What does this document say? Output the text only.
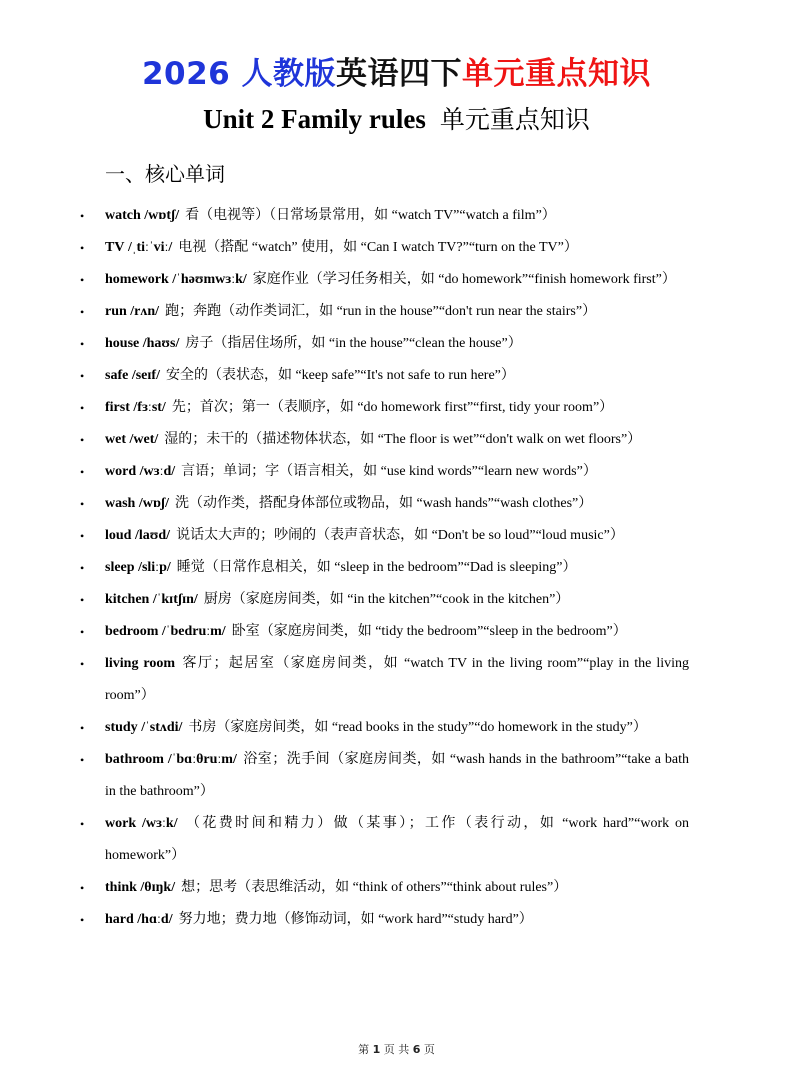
2026 人教版英语四下单元重点知识
Unit 2 Family rules 单元重点知识
一、核心单词
• watch /wɒtʃ/ 看（电视等）（日常场景常用，如 “watch TV”“watch a film”）
• TV /ˌtiːˈviː/ 电视（搭配 “watch” 使用，如 “Can I watch TV?”“turn on the TV”）
• homework /ˈhəʊmwɜːk/ 家庭作业（学习任务相关，如 “do homework”“finish homework first”）
• run /rʌn/ 跑；奔跑（动作类词汇，如 “run in the house”“don't run near the stairs”）
• house /haʊs/ 房子（指居住场所，如 “in the house”“clean the house”）
• safe /seɪf/ 安全的（表状态，如 “keep safe”“It's not safe to run here”）
• first /fɜːst/ 先；首次；第一（表顺序，如 “do homework first”“first, tidy your room”）
• wet /wet/ 湿的；未干的（描述物体状态，如 “The floor is wet”“don't walk on wet floors”）
• word /wɜːd/ 言语；单词；字（语言相关，如 “use kind words”“learn new words”）
• wash /wɒʃ/ 洗（动作类，搭配身体部位或物品，如 “wash hands”“wash clothes”）
• loud /laʊd/ 说话太大声的；吵闹的（表声音状态，如 “Don't be so loud”“loud music”）
• sleep /sliːp/ 睡觉（日常作息相关，如 “sleep in the bedroom”“Dad is sleeping”）
• kitchen /ˈkɪtʃɪn/ 厨房（家庭房间类，如 “in the kitchen”“cook in the kitchen”）
• bedroom /ˈbedruːm/ 卧室（家庭房间类，如 “tidy the bedroom”“sleep in the bedroom”）
• living room 客厅；起居室（家庭房间类，如 “watch TV in the living room”“play in the living room”）
• study /ˈstʌdi/ 书房（家庭房间类，如 “read books in the study”“do homework in the study”）
• bathroom /ˈbɑːθruːm/ 浴室；洗手间（家庭房间类，如 “wash hands in the bathroom”“take a bath in the bathroom”）
• work /wɜːk/ （花费时间和精力）做（某事）；工作（表行动，如 “work hard”“work on homework”）
• think /θɪŋk/ 想；思考（表思维活动，如 “think of others”“think about rules”）
• hard /hɑːd/ 努力地；费力地（修饰动词，如 “work hard”“study hard”）
第 1 页 共 6 页
